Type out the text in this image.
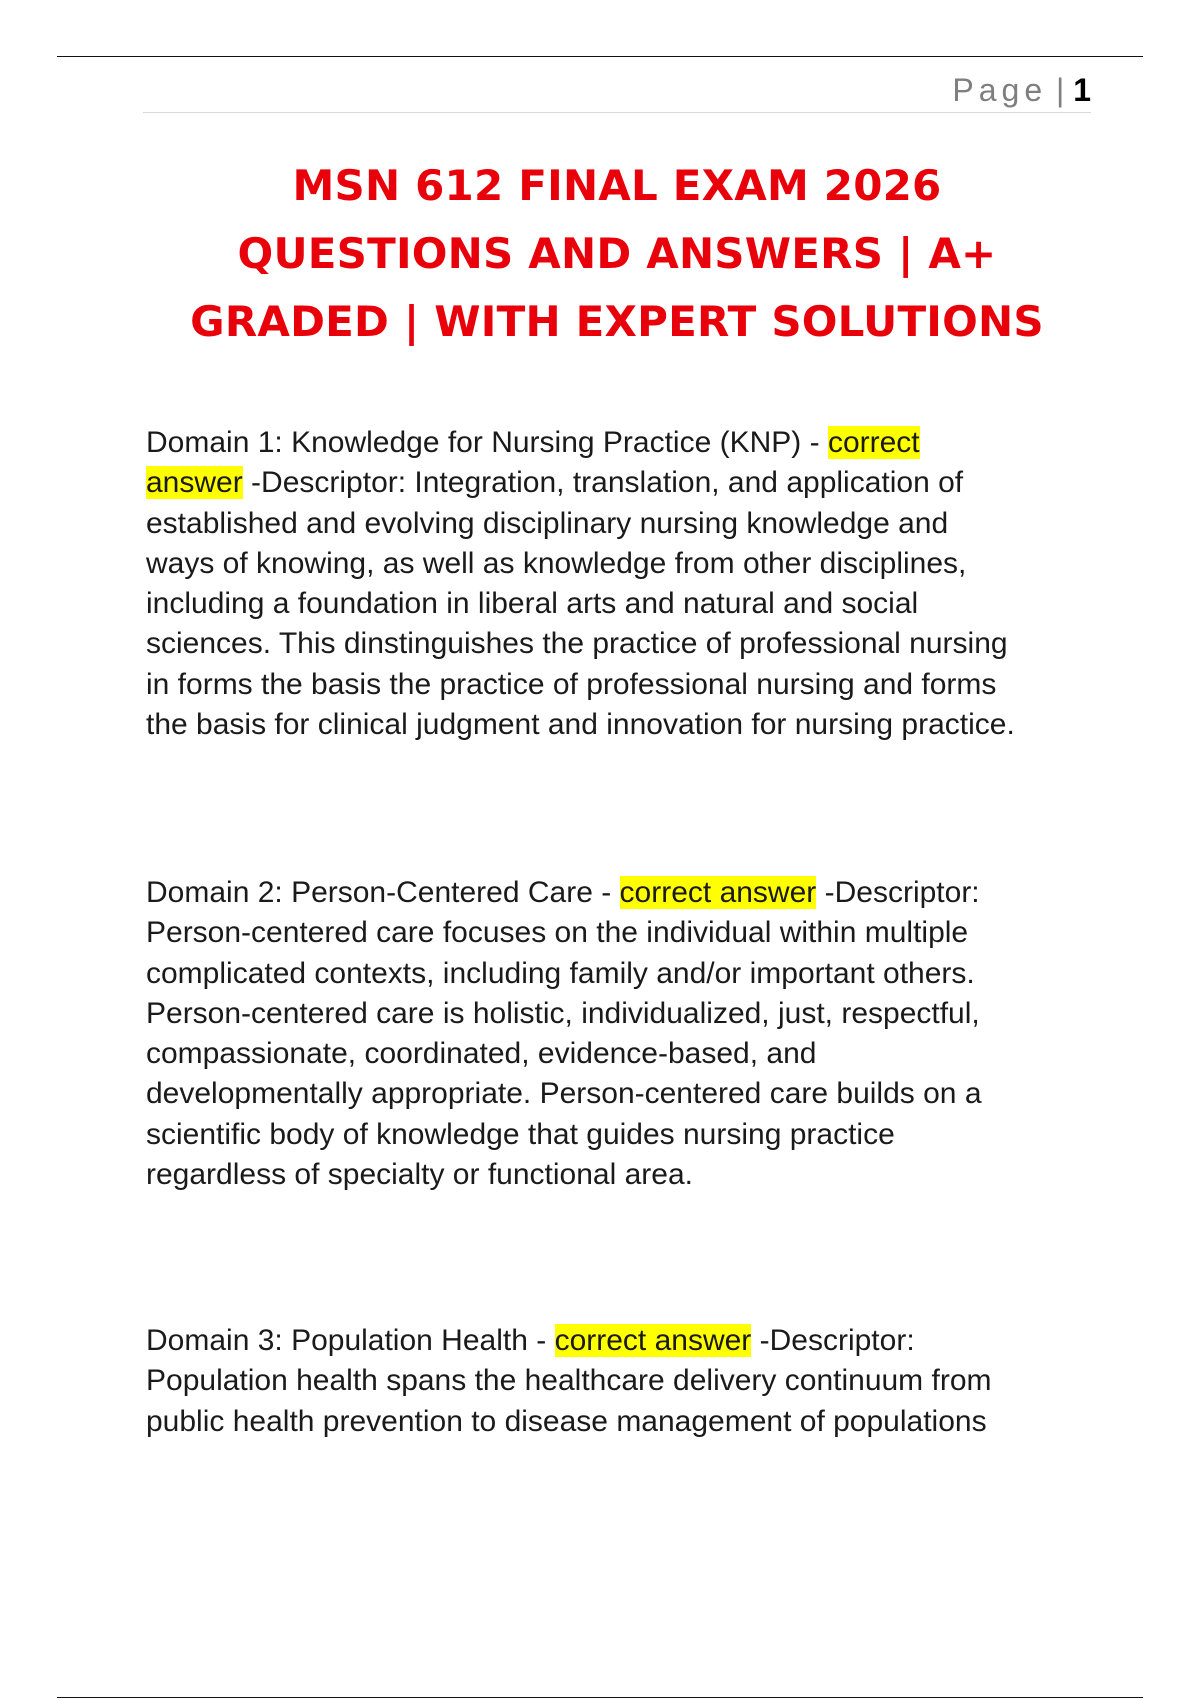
Page | 1
MSN 612 FINAL EXAM 2026
QUESTIONS AND ANSWERS | A+
GRADED | WITH EXPERT SOLUTIONS
Domain 1: Knowledge for Nursing Practice (KNP) - correct
answer -Descriptor: Integration, translation, and application of
established and evolving disciplinary nursing knowledge and
ways of knowing, as well as knowledge from other disciplines,
including a foundation in liberal arts and natural and social
sciences. This dinstinguishes the practice of professional nursing
in forms the basis the practice of professional nursing and forms
the basis for clinical judgment and innovation for nursing practice.
Domain 2: Person-Centered Care - correct answer -Descriptor:
Person-centered care focuses on the individual within multiple
complicated contexts, including family and/or important others.
Person-centered care is holistic, individualized, just, respectful,
compassionate, coordinated, evidence-based, and
developmentally appropriate. Person-centered care builds on a
scientific body of knowledge that guides nursing practice
regardless of specialty or functional area.
Domain 3: Population Health - correct answer -Descriptor:
Population health spans the healthcare delivery continuum from
public health prevention to disease management of populations
